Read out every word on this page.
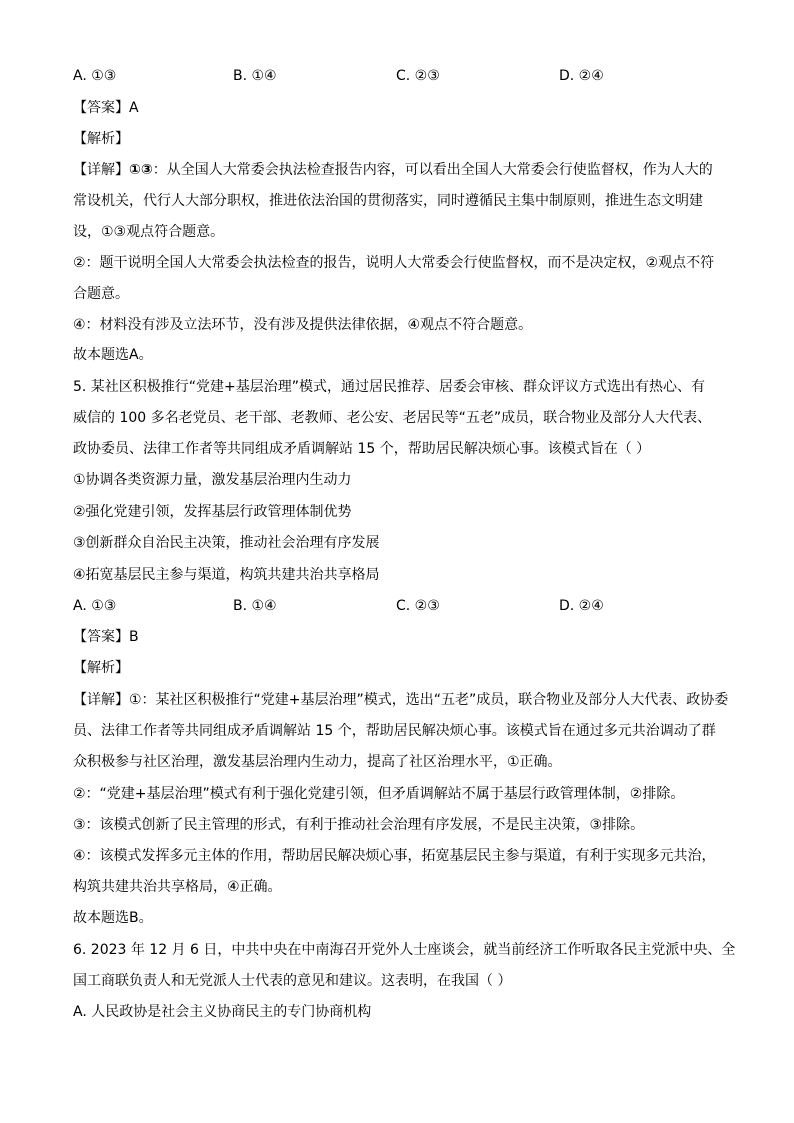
A. ①③	B. ①④	C. ②③	D. ②④
【答案】A
【解析】
【详解】①③：从全国人大常委会执法检查报告内容，可以看出全国人大常委会行使监督权，作为人大的
常设机关，代行人大部分职权，推进依法治国的贯彻落实，同时遵循民主集中制原则，推进生态文明建
设，①③观点符合题意。
②：题干说明全国人大常委会执法检查的报告，说明人大常委会行使监督权，而不是决定权，②观点不符
合题意。
④：材料没有涉及立法环节，没有涉及提供法律依据，④观点不符合题意。
故本题选A。
5. 某社区积极推行“党建+基层治理”模式，通过居民推荐、居委会审核、群众评议方式选出有热心、有
威信的 100 多名老党员、老干部、老教师、老公安、老居民等“五老”成员，联合物业及部分人大代表、
政协委员、法律工作者等共同组成矛盾调解站 15 个，帮助居民解决烦心事。该模式旨在（ ）
①协调各类资源力量，激发基层治理内生动力
②强化党建引领，发挥基层行政管理体制优势
③创新群众自治民主决策，推动社会治理有序发展
④拓宽基层民主参与渠道，构筑共建共治共享格局
A. ①③	B. ①④	C. ②③	D. ②④
【答案】B
【解析】
【详解】①：某社区积极推行“党建+基层治理”模式，选出“五老”成员，联合物业及部分人大代表、政协委
员、法律工作者等共同组成矛盾调解站 15 个，帮助居民解决烦心事。该模式旨在通过多元共治调动了群
众积极参与社区治理，激发基层治理内生动力，提高了社区治理水平，①正确。
②：“党建+基层治理”模式有利于强化党建引领，但矛盾调解站不属于基层行政管理体制，②排除。
③：该模式创新了民主管理的形式，有利于推动社会治理有序发展，不是民主决策，③排除。
④：该模式发挥多元主体的作用，帮助居民解决烦心事，拓宽基层民主参与渠道，有利于实现多元共治，
构筑共建共治共享格局，④正确。
故本题选B。
6. 2023 年 12 月 6 日，中共中央在中南海召开党外人士座谈会，就当前经济工作听取各民主党派中央、全
国工商联负责人和无党派人士代表的意见和建议。这表明，在我国（ ）
A. 人民政协是社会主义协商民主的专门协商机构
